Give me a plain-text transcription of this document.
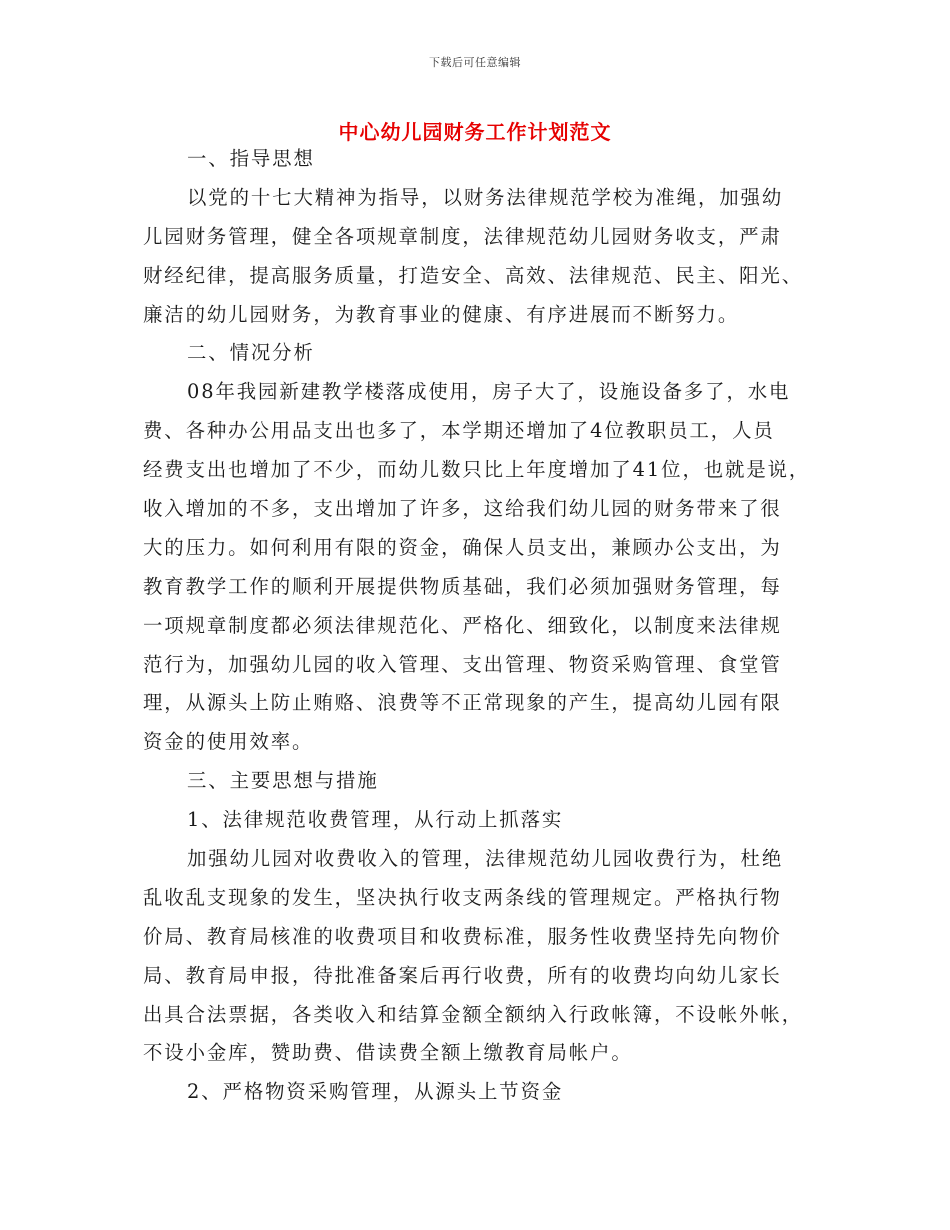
下载后可任意编辑
中心幼儿园财务工作计划范文
一、指导思想
以党的十七大精神为指导，以财务法律规范学校为准绳，加强幼
儿园财务管理，健全各项规章制度，法律规范幼儿园财务收支，严肃
财经纪律，提高服务质量，打造安全、高效、法律规范、民主、阳光、
廉洁的幼儿园财务，为教育事业的健康、有序进展而不断努力。
二、情况分析
08年我园新建教学楼落成使用，房子大了，设施设备多了，水电
费、各种办公用品支出也多了，本学期还增加了4位教职员工，人员
经费支出也增加了不少，而幼儿数只比上年度增加了41位，也就是说，
收入增加的不多，支出增加了许多，这给我们幼儿园的财务带来了很
大的压力。如何利用有限的资金，确保人员支出，兼顾办公支出，为
教育教学工作的顺利开展提供物质基础，我们必须加强财务管理，每
一项规章制度都必须法律规范化、严格化、细致化，以制度来法律规
范行为，加强幼儿园的收入管理、支出管理、物资采购管理、食堂管
理，从源头上防止贿赂、浪费等不正常现象的产生，提高幼儿园有限
资金的使用效率。
三、主要思想与措施
1、法律规范收费管理，从行动上抓落实
加强幼儿园对收费收入的管理，法律规范幼儿园收费行为，杜绝
乱收乱支现象的发生，坚决执行收支两条线的管理规定。严格执行物
价局、教育局核准的收费项目和收费标准，服务性收费坚持先向物价
局、教育局申报，待批准备案后再行收费，所有的收费均向幼儿家长
出具合法票据，各类收入和结算金额全额纳入行政帐簿，不设帐外帐，
不设小金库，赞助费、借读费全额上缴教育局帐户。
2、严格物资采购管理，从源头上节资金
